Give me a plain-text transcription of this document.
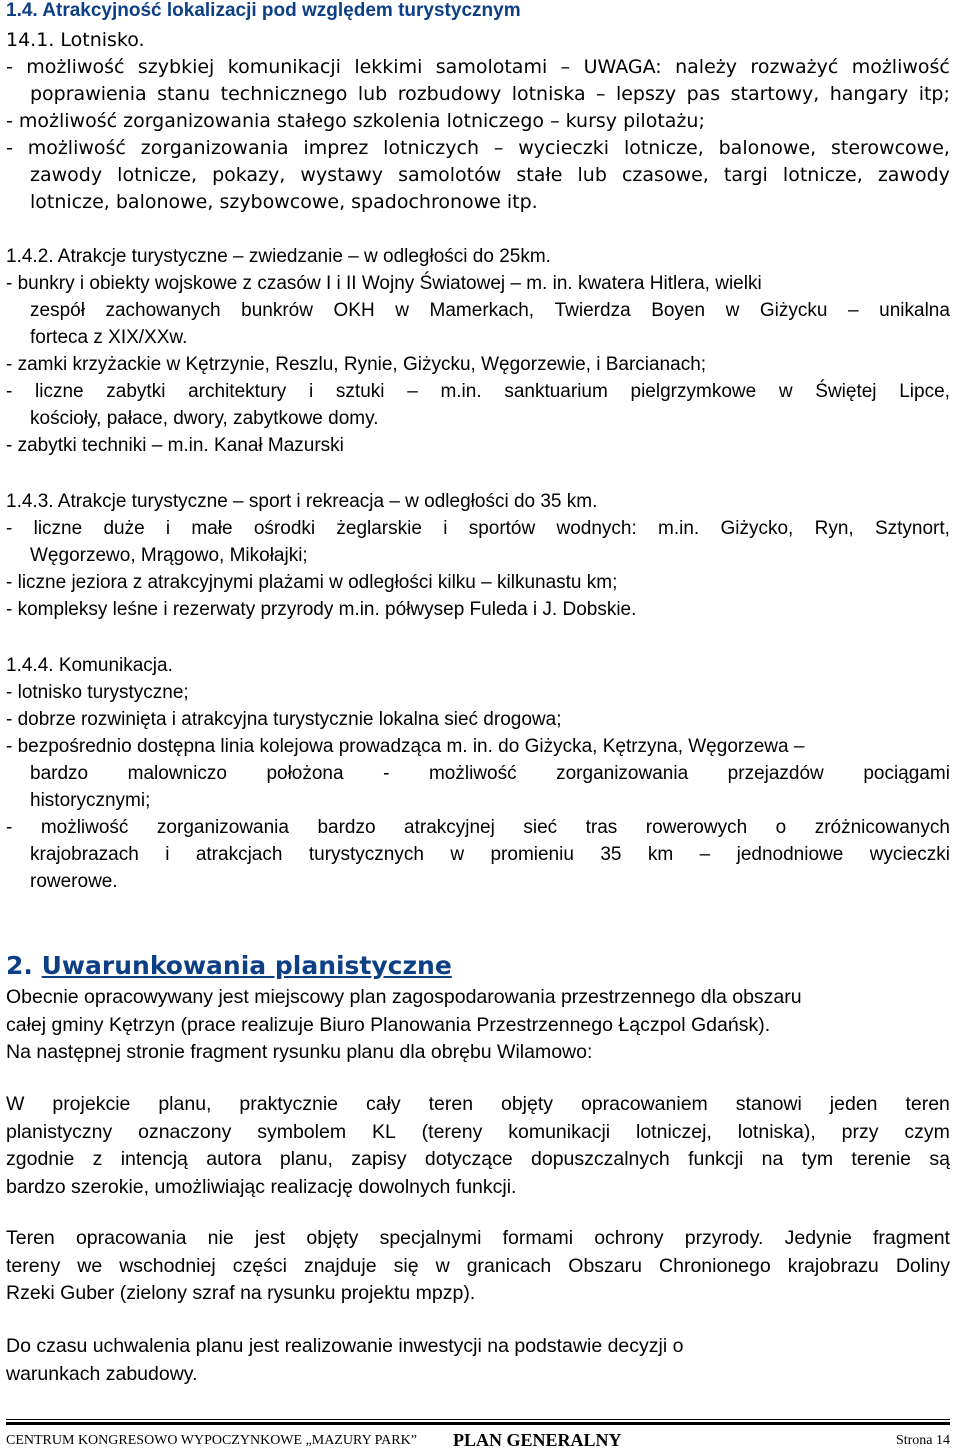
1.4. Atrakcyjność lokalizacji pod względem turystycznym
14.1. Lotnisko.
- możliwość szybkiej komunikacji lekkimi samolotami – UWAGA: należy rozważyć możliwość
poprawienia stanu technicznego lub rozbudowy lotniska – lepszy pas startowy, hangary itp;
- możliwość zorganizowania stałego szkolenia lotniczego – kursy pilotażu;
- możliwość zorganizowania imprez lotniczych – wycieczki lotnicze, balonowe, sterowcowe,
zawody lotnicze, pokazy, wystawy samolotów stałe lub czasowe, targi lotnicze, zawody
lotnicze, balonowe, szybowcowe, spadochronowe itp.
1.4.2. Atrakcje turystyczne – zwiedzanie – w odległości do 25km.
- bunkry i obiekty wojskowe z czasów I i II Wojny Światowej – m. in. kwatera Hitlera, wielki
zespół zachowanych bunkrów OKH w Mamerkach, Twierdza Boyen w Giżycku – unikalna
forteca z XIX/XXw.
- zamki krzyżackie w Kętrzynie, Reszlu, Rynie, Giżycku, Węgorzewie, i Barcianach;
- liczne zabytki architektury i sztuki – m.in. sanktuarium pielgrzymkowe w Świętej Lipce,
kościoły, pałace, dwory, zabytkowe domy.
- zabytki techniki – m.in. Kanał Mazurski
1.4.3. Atrakcje turystyczne – sport i rekreacja – w odległości do 35 km.
- liczne duże i małe ośrodki żeglarskie i sportów wodnych: m.in. Giżycko, Ryn, Sztynort,
Węgorzewo, Mrągowo, Mikołajki;
- liczne jeziora z atrakcyjnymi plażami w odległości kilku – kilkunastu km;
- kompleksy leśne i rezerwaty przyrody m.in. półwysep Fuleda i J. Dobskie.
1.4.4. Komunikacja.
- lotnisko turystyczne;
- dobrze rozwinięta i atrakcyjna turystycznie lokalna sieć drogowa;
- bezpośrednio dostępna linia kolejowa prowadząca m. in. do Giżycka, Kętrzyna, Węgorzewa –
bardzo malowniczo położona - możliwość zorganizowania przejazdów pociągami
historycznymi;
- możliwość zorganizowania bardzo atrakcyjnej sieć tras rowerowych o zróżnicowanych
krajobrazach i atrakcjach turystycznych w promieniu 35 km – jednodniowe wycieczki
rowerowe.
2. Uwarunkowania planistyczne
Obecnie opracowywany jest miejscowy plan zagospodarowania przestrzennego dla obszaru
całej gminy Kętrzyn (prace realizuje Biuro Planowania Przestrzennego Łączpol Gdańsk).
Na następnej stronie fragment rysunku planu dla obrębu Wilamowo:
W projekcie planu, praktycznie cały teren objęty opracowaniem stanowi jeden teren
planistyczny oznaczony symbolem KL (tereny komunikacji lotniczej, lotniska), przy czym
zgodnie z intencją autora planu, zapisy dotyczące dopuszczalnych funkcji na tym terenie są
bardzo szerokie, umożliwiając realizację dowolnych funkcji.
Teren opracowania nie jest objęty specjalnymi formami ochrony przyrody. Jedynie fragment
tereny we wschodniej części znajduje się w granicach Obszaru Chronionego krajobrazu Doliny
Rzeki Guber (zielony szraf na rysunku projektu mpzp).
Do czasu uchwalenia planu jest realizowanie inwestycji na podstawie decyzji o
warunkach zabudowy.
CENTRUM KONGRESOWO WYPOCZYNKOWE „MAZURY PARK” PLAN GENERALNY	Strona 14
